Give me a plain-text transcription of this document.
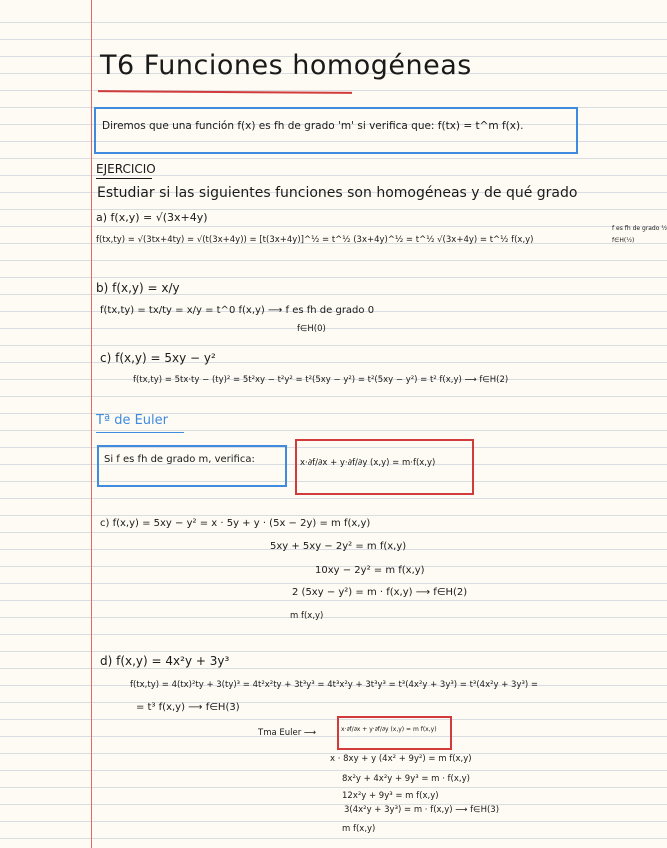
T6 Funciones homogéneas
Diremos que una función f(x) es fh de grado 'm' si verifica que: f(tx) = t^m f(x).
EJERCICIO
Estudiar si las siguientes funciones son homogéneas y de qué grado
a) f(x,y) = √(3x+4y)
f(tx,ty) = √(3tx+4ty) = √(t(3x+4y)) = [t(3x+4y)]^½ = t^½ (3x+4y)^½ = t^½ √(3x+4y) = t^½ f(x,y)
f es fh de grado ½
f∈H(½)
b) f(x,y) = x/y
f(tx,ty) = tx/ty = x/y = t^0 f(x,y) ⟶ f es fh de grado 0
f∈H(0)
c) f(x,y) = 5xy − y²
f(tx,ty) = 5tx·ty − (ty)² = 5t²xy − t²y² = t²(5xy − y²) = t²(5xy − y²) = t² f(x,y) ⟶ f∈H(2)
Tª de Euler
Si f es fh de grado m, verifica:	x·∂f/∂x + y·∂f/∂y (x,y) = m·f(x,y)
c) f(x,y) = 5xy − y² = x · 5y + y · (5x − 2y) = m f(x,y)
5xy + 5xy − 2y² = m f(x,y)
10xy − 2y² = m f(x,y)
2 (5xy − y²) = m · f(x,y) ⟶ f∈H(2)
m f(x,y)
d) f(x,y) = 4x²y + 3y³
f(tx,ty) = 4(tx)²ty + 3(ty)³ = 4t²x²ty + 3t³y³ = 4t³x²y + 3t³y³ = t³(4x²y + 3y³) = t³(4x²y + 3y³) =
= t³ f(x,y) ⟶ f∈H(3)
Tma Euler ⟶	x·∂f/∂x + y·∂f/∂y (x,y) = m f(x,y)
x · 8xy + y (4x² + 9y²) = m f(x,y)
8x²y + 4x²y + 9y³ = m · f(x,y)
12x²y + 9y³ = m f(x,y)
3(4x²y + 3y³) = m · f(x,y) ⟶ f∈H(3)
m f(x,y)
